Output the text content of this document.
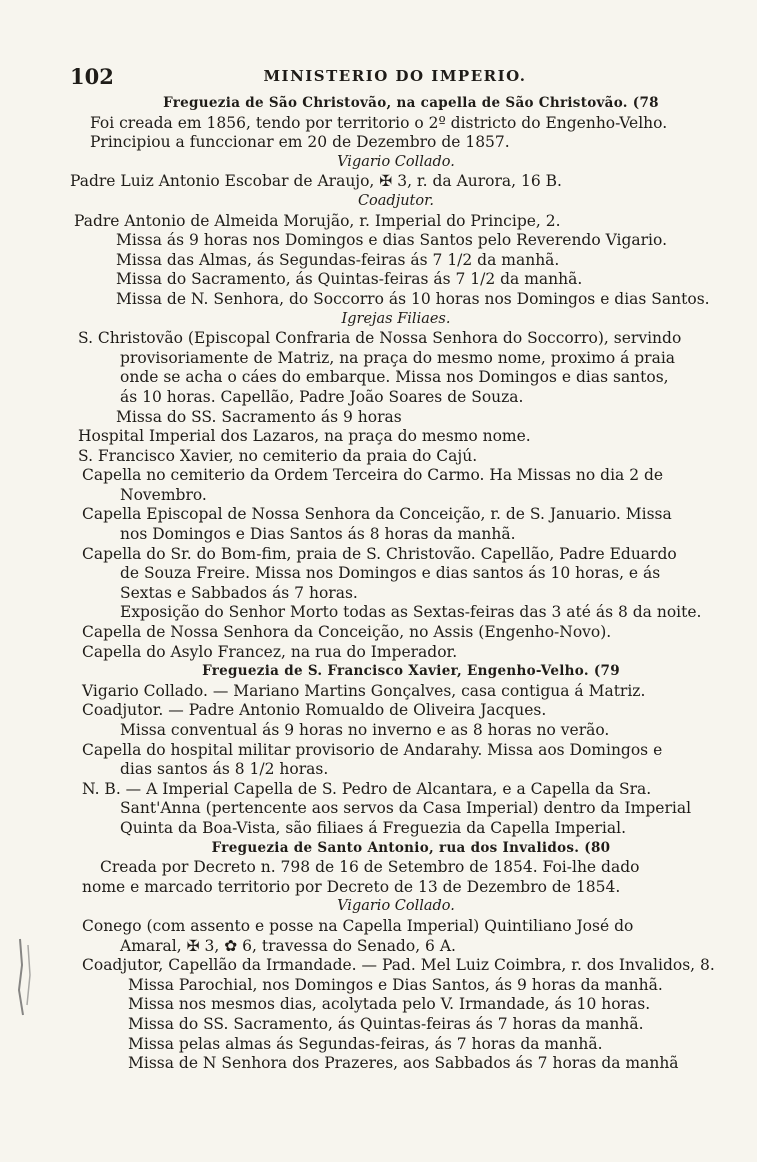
102	MINISTERIO DO IMPERIO.
Freguezia de São Christovão, na capella de São Christovão. (78
Foi creada em 1856, tendo por territorio o 2º districto do Engenho-Velho.
Principiou a funccionar em 20 de Dezembro de 1857.
Vigario Collado.
Padre Luiz Antonio Escobar de Araujo, ✠ 3, r. da Aurora, 16 B.
Coadjutor.
Padre Antonio de Almeida Morujão, r. Imperial do Principe, 2.
Missa ás 9 horas nos Domingos e dias Santos pelo Reverendo Vigario.
Missa das Almas, ás Segundas-feiras ás 7 1/2 da manhã.
Missa do Sacramento, ás Quintas-feiras ás 7 1/2 da manhã.
Missa de N. Senhora, do Soccorro ás 10 horas nos Domingos e dias Santos.
Igrejas Filiaes.
S. Christovão (Episcopal Confraria de Nossa Senhora do Soccorro), servindo
provisoriamente de Matriz, na praça do mesmo nome, proximo á praia
onde se acha o cáes do embarque. Missa nos Domingos e dias santos,
ás 10 horas. Capellão, Padre João Soares de Souza.
Missa do SS. Sacramento ás 9 horas
Hospital Imperial dos Lazaros, na praça do mesmo nome.
S. Francisco Xavier, no cemiterio da praia do Cajú.
Capella no cemiterio da Ordem Terceira do Carmo. Ha Missas no dia 2 de
Novembro.
Capella Episcopal de Nossa Senhora da Conceição, r. de S. Januario. Missa
nos Domingos e Dias Santos ás 8 horas da manhã.
Capella do Sr. do Bom-fim, praia de S. Christovão. Capellão, Padre Eduardo
de Souza Freire. Missa nos Domingos e dias santos ás 10 horas, e ás
Sextas e Sabbados ás 7 horas.
Exposição do Senhor Morto todas as Sextas-feiras das 3 até ás 8 da noite.
Capella de Nossa Senhora da Conceição, no Assis (Engenho-Novo).
Capella do Asylo Francez, na rua do Imperador.
Freguezia de S. Francisco Xavier, Engenho-Velho. (79
Vigario Collado. — Mariano Martins Gonçalves, casa contigua á Matriz.
Coadjutor. — Padre Antonio Romualdo de Oliveira Jacques.
Missa conventual ás 9 horas no inverno e as 8 horas no verão.
Capella do hospital militar provisorio de Andarahy. Missa aos Domingos e
dias santos ás 8 1/2 horas.
N. B. — A Imperial Capella de S. Pedro de Alcantara, e a Capella da Sra.
Sant'Anna (pertencente aos servos da Casa Imperial) dentro da Imperial
Quinta da Boa-Vista, são filiaes á Freguezia da Capella Imperial.
Freguezia de Santo Antonio, rua dos Invalidos. (80
Creada por Decreto n. 798 de 16 de Setembro de 1854. Foi-lhe dado
nome e marcado territorio por Decreto de 13 de Dezembro de 1854.
Vigario Collado.
Conego (com assento e posse na Capella Imperial) Quintiliano José do
Amaral, ✠ 3, ✿ 6, travessa do Senado, 6 A.
Coadjutor, Capellão da Irmandade. — Pad. Mel Luiz Coimbra, r. dos Invalidos, 8.
Missa Parochial, nos Domingos e Dias Santos, ás 9 horas da manhã.
Missa nos mesmos dias, acolytada pelo V. Irmandade, ás 10 horas.
Missa do SS. Sacramento, ás Quintas-feiras ás 7 horas da manhã.
Missa pelas almas ás Segundas-feiras, ás 7 horas da manhã.
Missa de N Senhora dos Prazeres, aos Sabbados ás 7 horas da manhã
